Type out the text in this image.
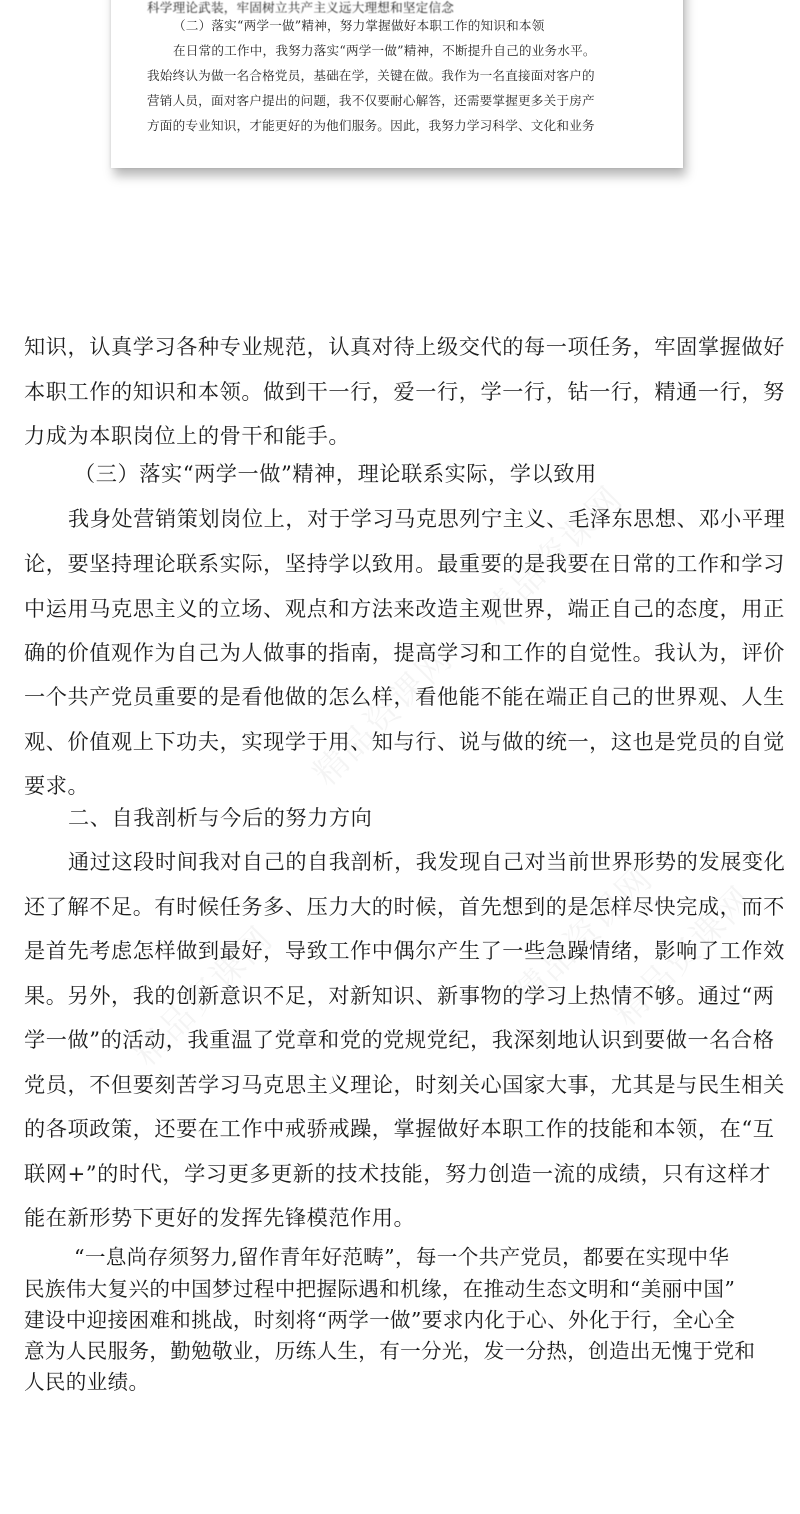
科学理论武装，牢固树立共产主义远大理想和坚定信念
（二）落实“两学一做”精神，努力掌握做好本职工作的知识和本领
在日常的工作中，我努力落实“两学一做”精神，不断提升自己的业务水平。
我始终认为做一名合格党员，基础在学，关键在做。我作为一名直接面对客户的
营销人员，面对客户提出的问题，我不仅要耐心解答，还需要掌握更多关于房产
方面的专业知识，才能更好的为他们服务。因此，我努力学习科学、文化和业务
知识，认真学习各种专业规范，认真对待上级交代的每一项任务，牢固掌握做好
本职工作的知识和本领。做到干一行，爱一行，学一行，钻一行，精通一行，努
力成为本职岗位上的骨干和能手。
（三）落实“两学一做”精神，理论联系实际，学以致用
我身处营销策划岗位上，对于学习马克思列宁主义、毛泽东思想、邓小平理
论，要坚持理论联系实际，坚持学以致用。最重要的是我要在日常的工作和学习
中运用马克思主义的立场、观点和方法来改造主观世界，端正自己的态度，用正
确的价值观作为自己为人做事的指南，提高学习和工作的自觉性。我认为，评价
一个共产党员重要的是看他做的怎么样，看他能不能在端正自己的世界观、人生
观、价值观上下功夫，实现学于用、知与行、说与做的统一，这也是党员的自觉
要求。
二、自我剖析与今后的努力方向
通过这段时间我对自己的自我剖析，我发现自己对当前世界形势的发展变化
还了解不足。有时候任务多、压力大的时候，首先想到的是怎样尽快完成，而不
是首先考虑怎样做到最好，导致工作中偶尔产生了一些急躁情绪，影响了工作效
果。另外，我的创新意识不足，对新知识、新事物的学习上热情不够。通过“两
学一做”的活动，我重温了党章和党的党规党纪，我深刻地认识到要做一名合格
党员，不但要刻苦学习马克思主义理论，时刻关心国家大事，尤其是与民生相关
的各项政策，还要在工作中戒骄戒躁，掌握做好本职工作的技能和本领，在“互
联网+”的时代，学习更多更新的技术技能，努力创造一流的成绩，只有这样才
能在新形势下更好的发挥先锋模范作用。
“一息尚存须努力,留作青年好范畴”，每一个共产党员，都要在实现中华
民族伟大复兴的中国梦过程中把握际遇和机缘，在推动生态文明和“美丽中国”
建设中迎接困难和挑战，时刻将“两学一做”要求内化于心、外化于行，全心全
意为人民服务，勤勉敬业，历练人生，有一分光，发一分热，创造出无愧于党和
人民的业绩。
